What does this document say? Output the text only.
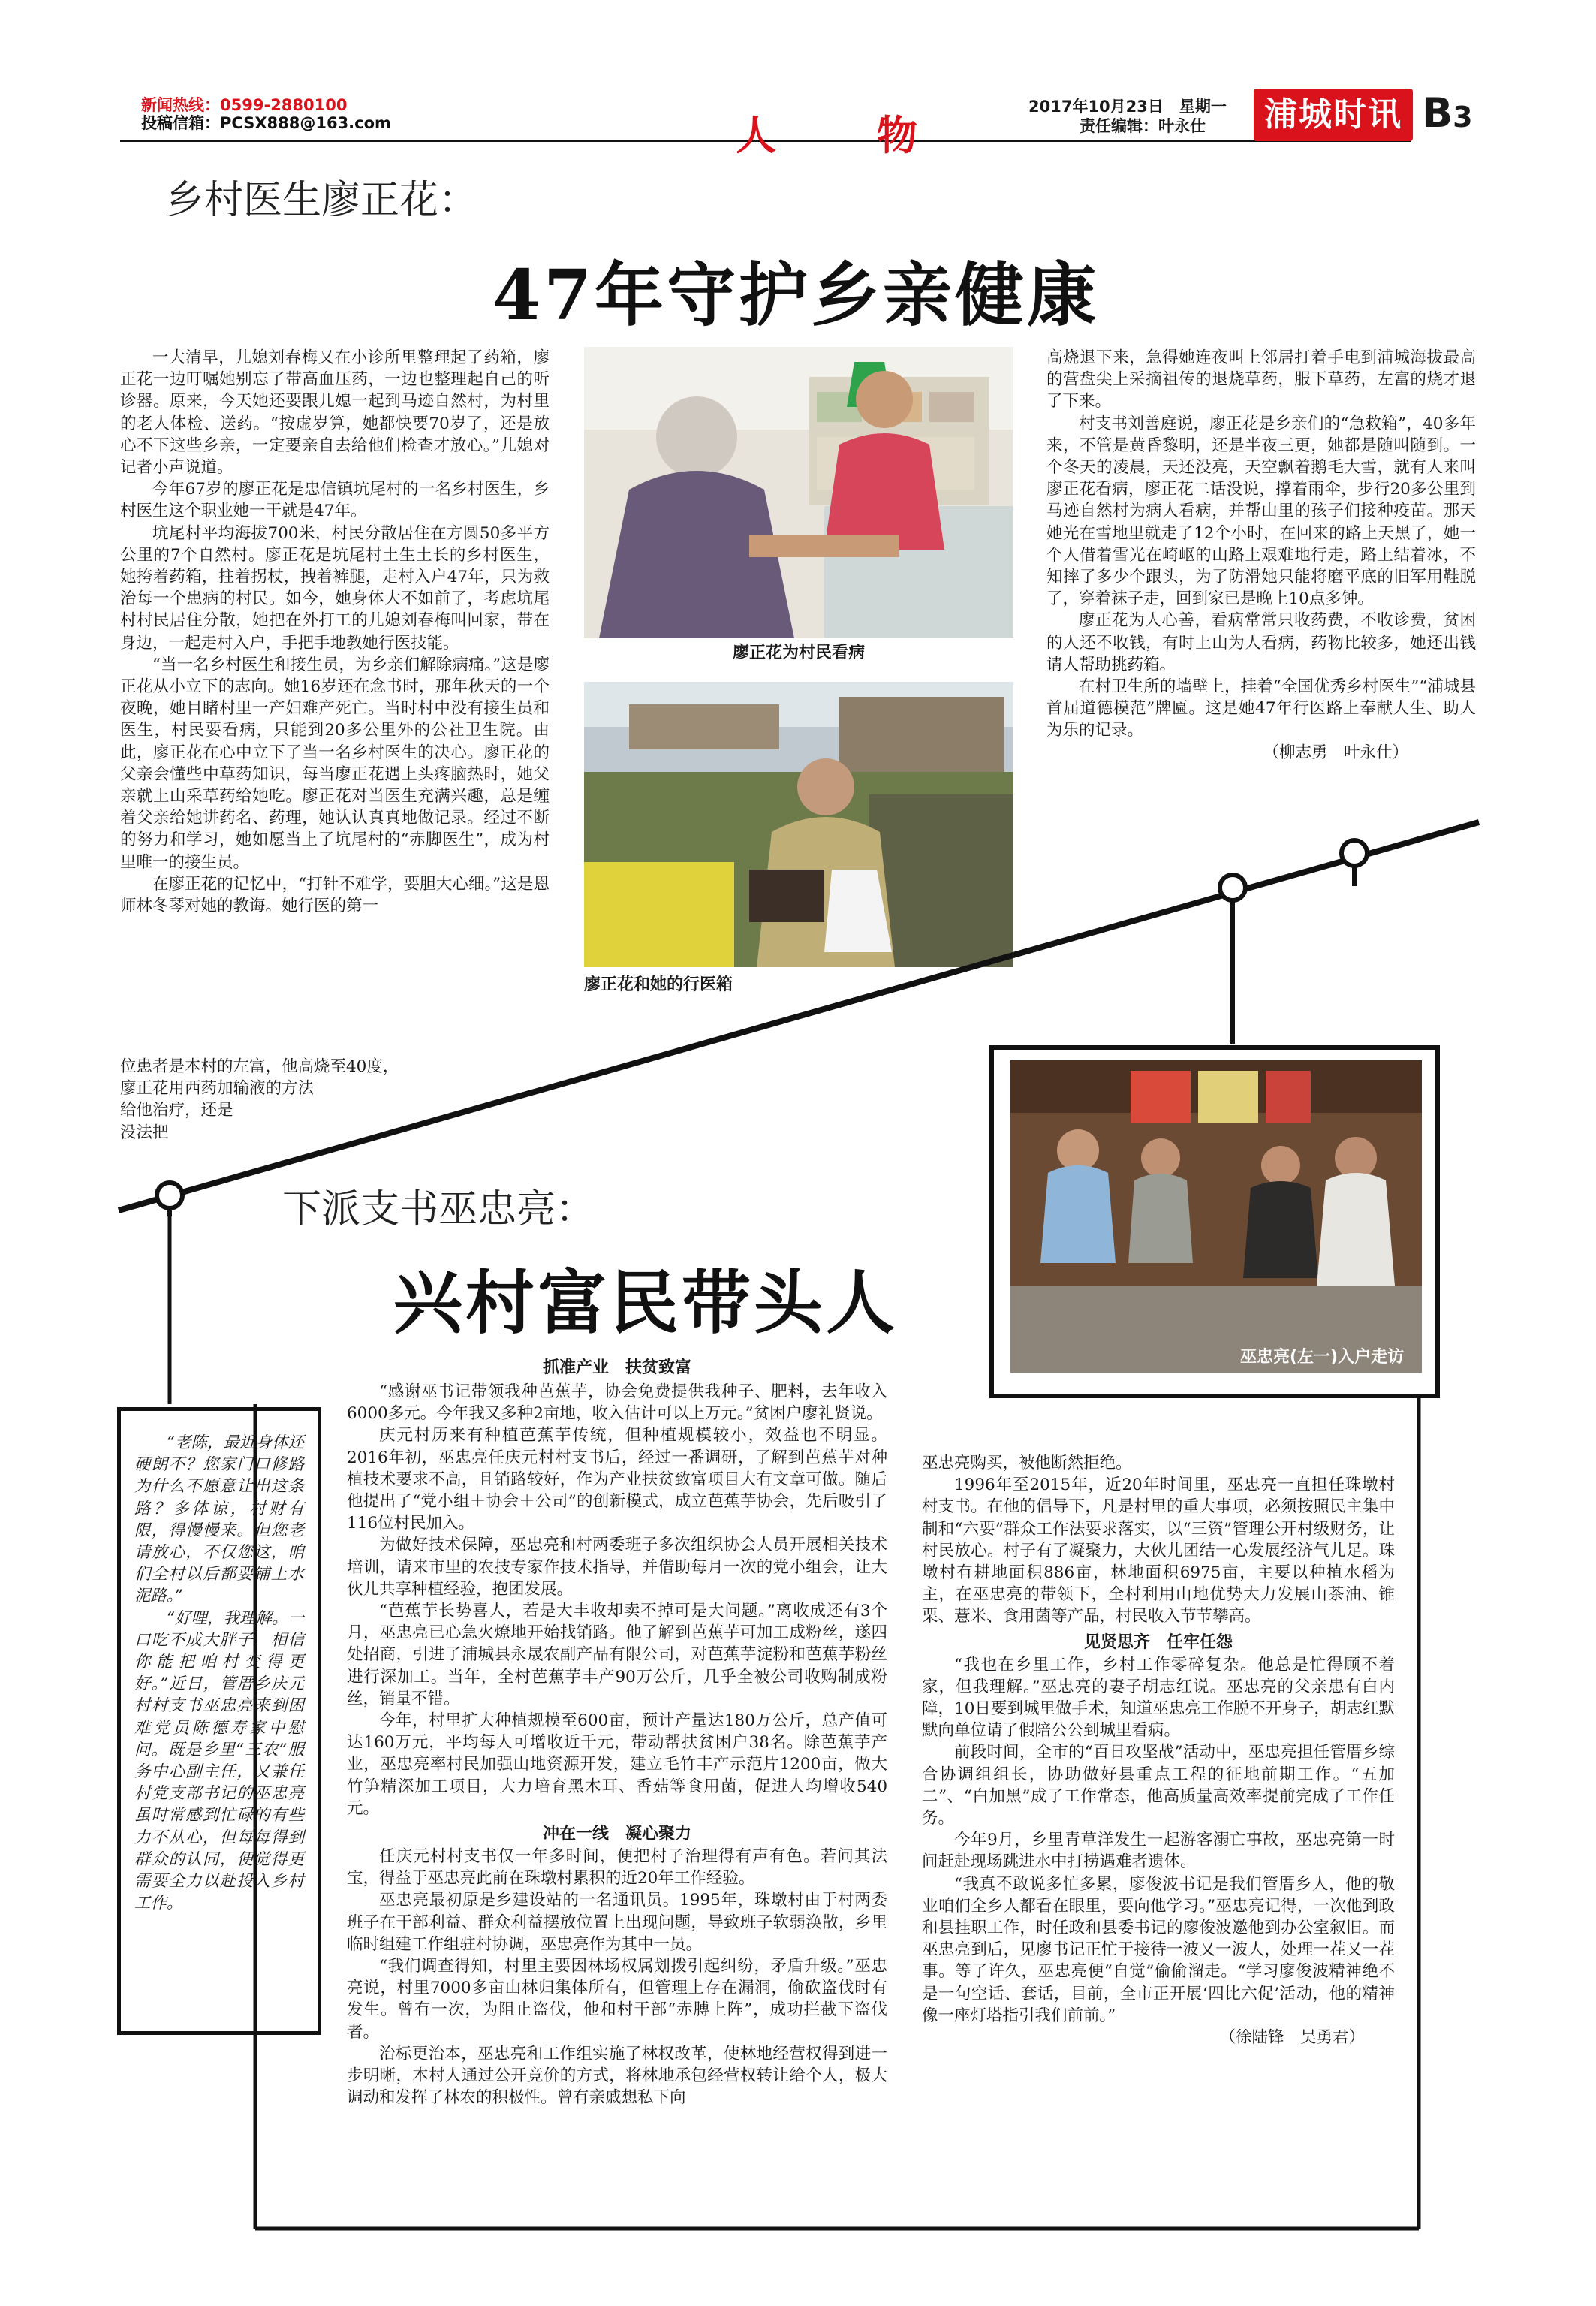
新闻热线：0599-2880100
投稿信箱：PCSX888@163.com	人　物
2017年10月23日　星期一
责任编辑：叶永仕	浦城时讯 B3
乡村医生廖正花：
47年守护乡亲健康

一大清早，儿媳刘春梅又在小诊所里整理起了药箱，廖正花一边叮嘱她别忘了带高血压药，一边也整理起自己的听诊器。原来，今天她还要跟儿媳一起到马迹自然村，为村里的老人体检、送药。“按虚岁算，她都快要70岁了，还是放心不下这些乡亲，一定要亲自去给他们检查才放心。”儿媳对记者小声说道。

今年67岁的廖正花是忠信镇坑尾村的一名乡村医生，乡村医生这个职业她一干就是47年。

坑尾村平均海拔700米，村民分散居住在方圆50多平方公里的7个自然村。廖正花是坑尾村土生土长的乡村医生，她挎着药箱，拄着拐杖，拽着裤腿，走村入户47年，只为救治每一个患病的村民。如今，她身体大不如前了，考虑坑尾村村民居住分散，她把在外打工的儿媳刘春梅叫回家，带在身边，一起走村入户，手把手地教她行医技能。

“当一名乡村医生和接生员，为乡亲们解除病痛。”这是廖正花从小立下的志向。她16岁还在念书时，那年秋天的一个夜晚，她目睹村里一产妇难产死亡。当时村中没有接生员和医生，村民要看病，只能到20多公里外的公社卫生院。由此，廖正花在心中立下了当一名乡村医生的决心。廖正花的父亲会懂些中草药知识，每当廖正花遇上头疼脑热时，她父亲就上山采草药给她吃。廖正花对当医生充满兴趣，总是缠着父亲给她讲药名、药理，她认认真真地做记录。经过不断的努力和学习，她如愿当上了坑尾村的“赤脚医生”，成为村里唯一的接生员。

在廖正花的记忆中，“打针不难学，要胆大心细。”这是恩师林冬琴对她的教诲。她行医的第一

位患者是本村的左富，他高烧至40度，

廖正花用西药加输液的方法

给他治疗，还是

没法把

廖正花为村民看病
廖正花和她的行医箱

高烧退下来，急得她连夜叫上邻居打着手电到浦城海拔最高的营盘尖上采摘祖传的退烧草药，服下草药，左富的烧才退了下来。

村支书刘善庭说，廖正花是乡亲们的“急救箱”，40多年来，不管是黄昏黎明，还是半夜三更，她都是随叫随到。一个冬天的凌晨，天还没亮，天空飘着鹅毛大雪，就有人来叫廖正花看病，廖正花二话没说，撑着雨伞，步行20多公里到马迹自然村为病人看病，并帮山里的孩子们接种疫苗。那天她光在雪地里就走了12个小时，在回来的路上天黑了，她一个人借着雪光在崎岖的山路上艰难地行走，路上结着冰，不知摔了多少个跟头，为了防滑她只能将磨平底的旧军用鞋脱了，穿着袜子走，回到家已是晚上10点多钟。

廖正花为人心善，看病常常只收药费，不收诊费，贫困的人还不收钱，有时上山为人看病，药物比较多，她还出钱请人帮助挑药箱。

在村卫生所的墙壁上，挂着“全国优秀乡村医生”“浦城县首届道德模范”牌匾。这是她47年行医路上奉献人生、助人为乐的记录。

（柳志勇　叶永仕）

下派支书巫忠亮：
兴村富民带头人
巫忠亮(左一)入户走访

“老陈，最近身体还硬朗不？您家门口修路为什么不愿意让出这条路？多体谅，村财有限，得慢慢来。但您老请放心，不仅您这，咱们全村以后都要铺上水泥路。”

“好哩，我理解。一口吃不成大胖子，相信你能把咱村变得更好。”近日，管厝乡庆元村村支书巫忠亮来到困难党员陈德寿家中慰问。既是乡里“三农”服务中心副主任，又兼任村党支部书记的巫忠亮虽时常感到忙碌的有些力不从心，但每每得到群众的认同，便觉得更需要全力以赴投入乡村工作。

抓准产业　扶贫致富

“感谢巫书记带领我种芭蕉芋，协会免费提供我种子、肥料，去年收入6000多元。今年我又多种2亩地，收入估计可以上万元。”贫困户廖礼贤说。

庆元村历来有种植芭蕉芋传统，但种植规模较小，效益也不明显。2016年初，巫忠亮任庆元村村支书后，经过一番调研，了解到芭蕉芋对种植技术要求不高，且销路较好，作为产业扶贫致富项目大有文章可做。随后他提出了“党小组＋协会＋公司”的创新模式，成立芭蕉芋协会，先后吸引了116位村民加入。

为做好技术保障，巫忠亮和村两委班子多次组织协会人员开展相关技术培训，请来市里的农技专家作技术指导，并借助每月一次的党小组会，让大伙儿共享种植经验，抱团发展。

“芭蕉芋长势喜人，若是大丰收却卖不掉可是大问题。”离收成还有3个月，巫忠亮已心急火燎地开始找销路。他了解到芭蕉芋可加工成粉丝，遂四处招商，引进了浦城县永晟农副产品有限公司，对芭蕉芋淀粉和芭蕉芋粉丝进行深加工。当年，全村芭蕉芋丰产90万公斤，几乎全被公司收购制成粉丝，销量不错。

今年，村里扩大种植规模至600亩，预计产量达180万公斤，总产值可达160万元，平均每人可增收近千元，带动帮扶贫困户38名。除芭蕉芋产业，巫忠亮率村民加强山地资源开发，建立毛竹丰产示范片1200亩，做大竹笋精深加工项目，大力培育黑木耳、香菇等食用菌，促进人均增收540元。

冲在一线　凝心聚力

任庆元村村支书仅一年多时间，便把村子治理得有声有色。若问其法宝，得益于巫忠亮此前在珠墩村累积的近20年工作经验。

巫忠亮最初原是乡建设站的一名通讯员。1995年，珠墩村由于村两委班子在干部利益、群众利益摆放位置上出现问题，导致班子软弱涣散，乡里临时组建工作组驻村协调，巫忠亮作为其中一员。

“我们调查得知，村里主要因林场权属划拨引起纠纷，矛盾升级。”巫忠亮说，村里7000多亩山林归集体所有，但管理上存在漏洞，偷砍盗伐时有发生。曾有一次，为阻止盗伐，他和村干部“赤膊上阵”，成功拦截下盗伐者。

治标更治本，巫忠亮和工作组实施了林权改革，使林地经营权得到进一步明晰，本村人通过公开竞价的方式，将林地承包经营权转让给个人，极大调动和发挥了林农的积极性。曾有亲戚想私下向

巫忠亮购买，被他断然拒绝。

1996年至2015年，近20年时间里，巫忠亮一直担任珠墩村村支书。在他的倡导下，凡是村里的重大事项，必须按照民主集中制和“六要”群众工作法要求落实，以“三资”管理公开村级财务，让村民放心。村子有了凝聚力，大伙儿团结一心发展经济气儿足。珠墩村有耕地面积886亩，林地面积6975亩，主要以种植水稻为主，在巫忠亮的带领下，全村利用山地优势大力发展山茶油、锥栗、薏米、食用菌等产品，村民收入节节攀高。

见贤思齐　任牢任怨

“我也在乡里工作，乡村工作零碎复杂。他总是忙得顾不着家，但我理解。”巫忠亮的妻子胡志红说。巫忠亮的父亲患有白内障，10日要到城里做手术，知道巫忠亮工作脱不开身子，胡志红默默向单位请了假陪公公到城里看病。

前段时间，全市的“百日攻坚战”活动中，巫忠亮担任管厝乡综合协调组组长，协助做好县重点工程的征地前期工作。“五加二”、“白加黑”成了工作常态，他高质量高效率提前完成了工作任务。

今年9月，乡里青草洋发生一起游客溺亡事故，巫忠亮第一时间赶赴现场跳进水中打捞遇难者遗体。

“我真不敢说多忙多累，廖俊波书记是我们管厝乡人，他的敬业咱们全乡人都看在眼里，要向他学习。”巫忠亮记得，一次他到政和县挂职工作，时任政和县委书记的廖俊波邀他到办公室叙旧。而巫忠亮到后，见廖书记正忙于接待一波又一波人，处理一茬又一茬事。等了许久，巫忠亮便“自觉”偷偷溜走。“学习廖俊波精神绝不是一句空话、套话，目前，全市正开展‘四比六促’活动，他的精神像一座灯塔指引我们前前。”

（徐陆锋　吴勇君）
